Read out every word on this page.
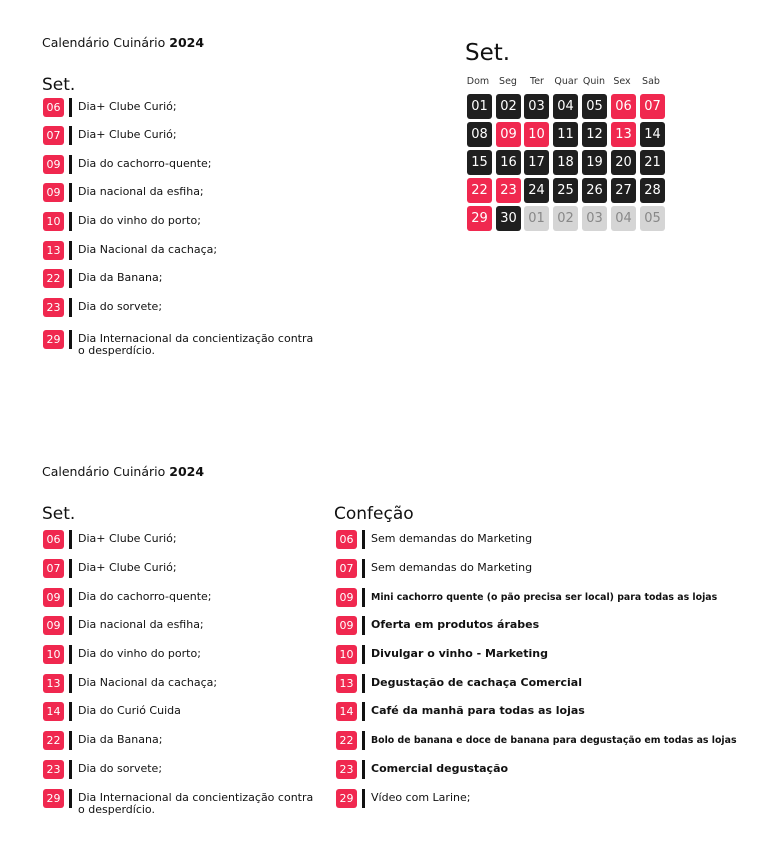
Calendário Cuinário 2024
Set.
06	Dia+ Clube Curió;
07	Dia+ Clube Curió;
09	Dia do cachorro-quente;
09	Dia nacional da esfiha;
10	Dia do vinho do porto;
13	Dia Nacional da cachaça;
22	Dia da Banana;
23	Dia do sorvete;
29	Dia Internacional da concientização contra o desperdício.
Set.
Dom	Seg	Ter	Quar Quin Sex	Sab
01 02 03 04 05 06 07
08 09 10 11 12 13 14
15 16 17 18 19 20 21
22 23 24 25 26 27 28
29 30 01 02 03 04 05
Calendário Cuinário 2024
Set.	Confeção
06	Dia+ Clube Curió;
07	Dia+ Clube Curió;
09	Dia do cachorro-quente;
09	Dia nacional da esfiha;
10	Dia do vinho do porto;
13	Dia Nacional da cachaça;
14	Dia do Curió Cuida
22	Dia da Banana;
23	Dia do sorvete;
29	Dia Internacional da concientização contra o desperdício.
06	Sem demandas do Marketing
07	Sem demandas do Marketing
09	Mini cachorro quente (o pão precisa ser local) para todas as lojas
09	Oferta em produtos árabes
10	Divulgar o vinho - Marketing
13	Degustação de cachaça Comercial
14	Café da manhã para todas as lojas
22	Bolo de banana e doce de banana para degustação em todas as lojas
23	Comercial degustação
29	Vídeo com Larine;
